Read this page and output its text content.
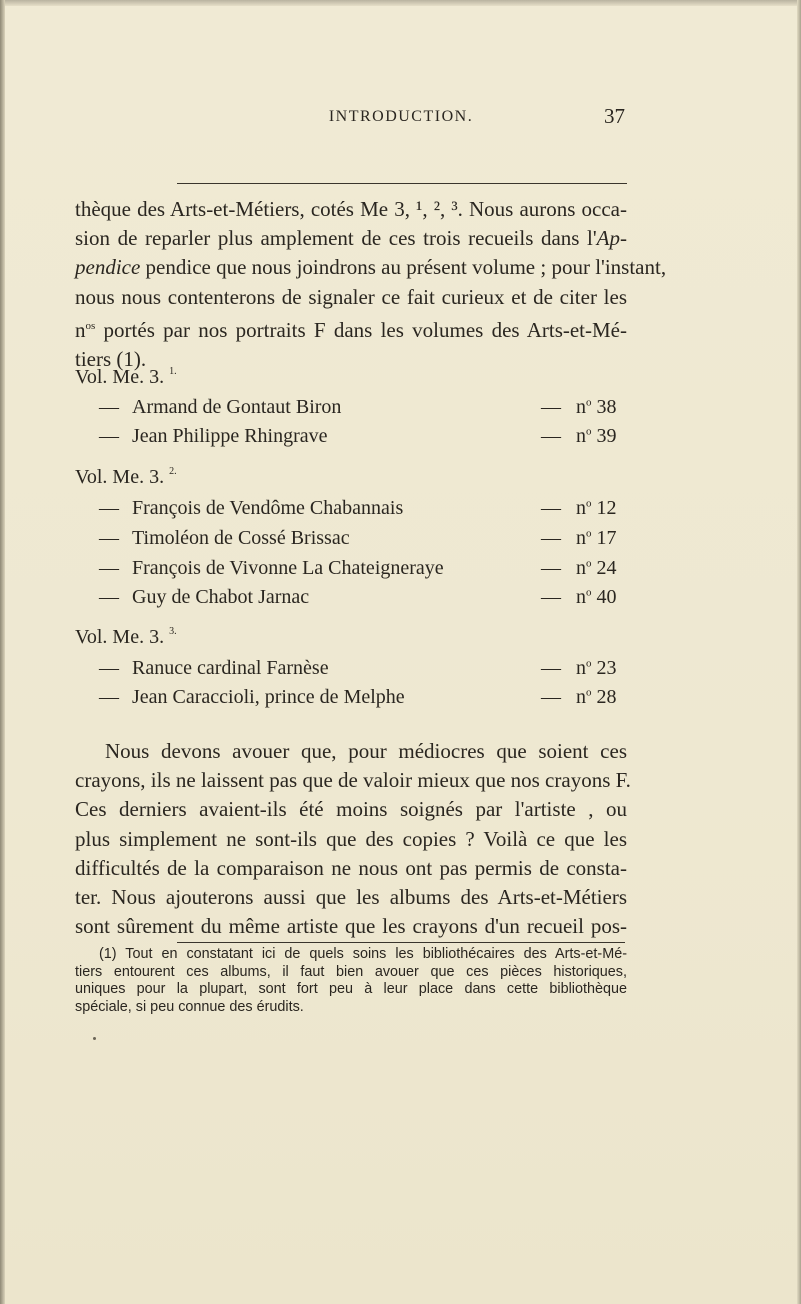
INTRODUCTION.	37
thèque des Arts-et-Métiers, cotés Me 3, ¹, ², ³. Nous aurons occa-
sion de reparler plus amplement de ces trois recueils dans l'Ap-
pendice pendice que nous joindrons au présent volume ; pour l'instant,
nous nous contenterons de signaler ce fait curieux et de citer les
$n^{os}$ portés par nos portraits F dans les volumes des Arts-et-Mé-
tiers (1).
Vol. Me. 3. $^{1.}$
— Armand de Gontaut Biron	— $n^o$ 38
— Jean Philippe Rhingrave	— $n^o$ 39
Vol. Me. 3. $^{2.}$
— François de Vendôme Chabannais	— $n^o$ 12
— Timoléon de Cossé Brissac	— $n^o$ 17
— François de Vivonne La Chateigneraye	— $n^o$ 24
— Guy de Chabot Jarnac	— $n^o$ 40
Vol. Me. 3. $^{3.}$
— Ranuce cardinal Farnèse	— $n^o$ 23
— Jean Caraccioli, prince de Melphe	— $n^o$ 28
Nous devons avouer que, pour médiocres que soient ces
crayons, ils ne laissent pas que de valoir mieux que nos crayons F.
Ces derniers avaient-ils été moins soignés par l'artiste , ou
plus simplement ne sont-ils que des copies ? Voilà ce que les
difficultés de la comparaison ne nous ont pas permis de consta-
ter. Nous ajouterons aussi que les albums des Arts-et-Métiers
sont sûrement du même artiste que les crayons d'un recueil pos-
(1) Tout en constatant ici de quels soins les bibliothécaires des Arts-et-Mé-
tiers entourent ces albums, il faut bien avouer que ces pièces historiques,
uniques pour la plupart, sont fort peu à leur place dans cette bibliothèque
spéciale, si peu connue des érudits.
